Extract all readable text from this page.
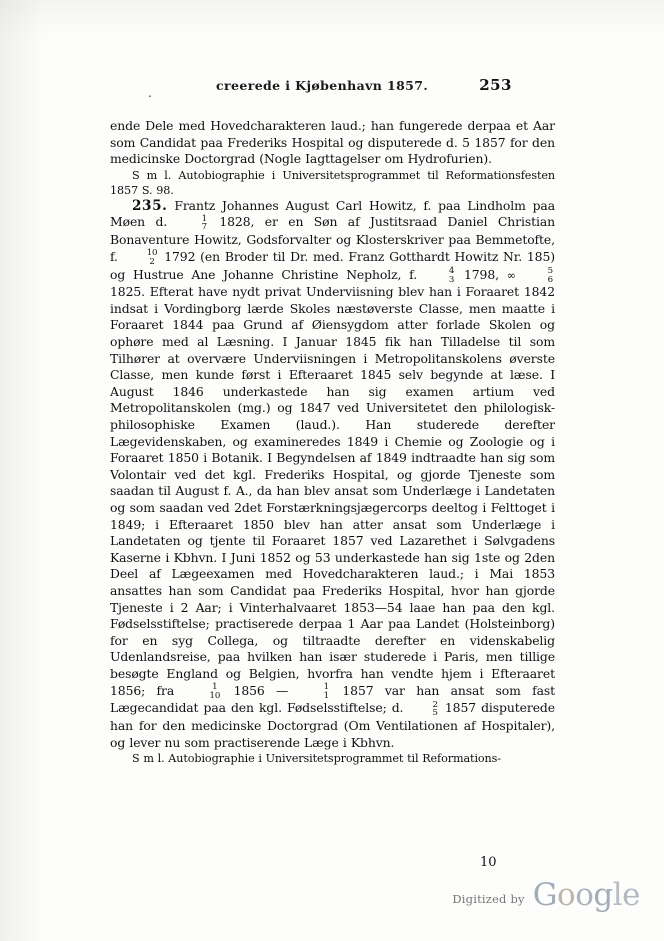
.	creerede i Kjøbenhavn 1857.	253

ende Dele med Hovedcharakteren laud.; han fungerede derpaa et Aar som Candidat paa Frederiks Hospital og disputerede d. 5 1857 for den medicinske Doctorgrad (Nogle Iagttagelser om Hydrofurien).

S m l. Autobiographie i Universitetsprogrammet til Reformationsfesten 1857 S. 98.

235. Frantz Johannes August Carl Howitz, f. paa Lindholm paa Møen d.	1
7 1828, er en Søn af Justitsraad Daniel Christian Bonaventure Howitz, Godsforvalter og Klosterskriver paa Bemmetofte, f.	10
2 1792 (en Broder til Dr. med. Franz Gotthardt Howitz Nr. 185) og Hustrue Ane Johanne Christine Nepholz, f.	4
3 1798, ∞	5
6
1825. Efterat have nydt privat Underviisning blev han i Foraaret 1842 indsat i Vordingborg lærde Skoles næstøverste Classe, men maatte i Foraaret 1844 paa Grund af Øiensygdom atter forlade Skolen og ophøre med al Læsning. I Januar 1845 fik han Tilladelse til som Tilhører at overvære Underviisningen i Metropolitanskolens øverste Classe, men kunde først i Efteraaret 1845 selv begynde at læse. I August 1846 underkastede han sig examen artium ved Metropolitanskolen (mg.) og 1847 ved Universitetet den philologisk-philosophiske Examen (laud.). Han studerede derefter Lægevidenskaben, og examineredes 1849 i Chemie og Zoologie og i Foraaret 1850 i Botanik. I Begyndelsen af 1849 indtraadte han sig som Volontair ved det kgl. Frederiks Hospital, og gjorde Tjeneste som saadan til August f. A., da han blev ansat som Underlæge i Landetaten og som saadan ved 2det Forstærkningsjægercorps deeltog i Felttoget i 1849; i Efteraaret 1850 blev han atter ansat som Underlæge i Landetaten og tjente til Foraaret 1857 ved Lazarethet i Sølvgadens Kaserne i Kbhvn. I Juni 1852 og 53 underkastede han sig 1ste og 2den Deel af Lægeexamen med Hovedcharakteren laud.; i Mai 1853 ansattes han som Candidat paa Frederiks Hospital, hvor han gjorde Tjeneste i 2 Aar; i Vinterhalvaaret 1853—54 laae han paa den kgl. Fødselsstiftelse; practiserede derpaa 1 Aar paa Landet (Holsteinborg) for en syg Collega, og tiltraadte derefter en videnskabelig Udenlandsreise, paa hvilken han især studerede i Paris, men tillige besøgte England og Belgien, hvorfra han vendte hjem i Efteraaret 1856; fra	1
10 1856 —	1
1 1857 var han ansat som fast Lægecandidat paa den kgl. Fødselsstiftelse; d.	2
5 1857 disputerede han for den medicinske Doctorgrad (Om Ventilationen af Hospitaler), og lever nu som practiserende Læge i Kbhvn.

S m l. Autobiographie i Universitetsprogrammet til Reformations-

10
Digitized by Google
